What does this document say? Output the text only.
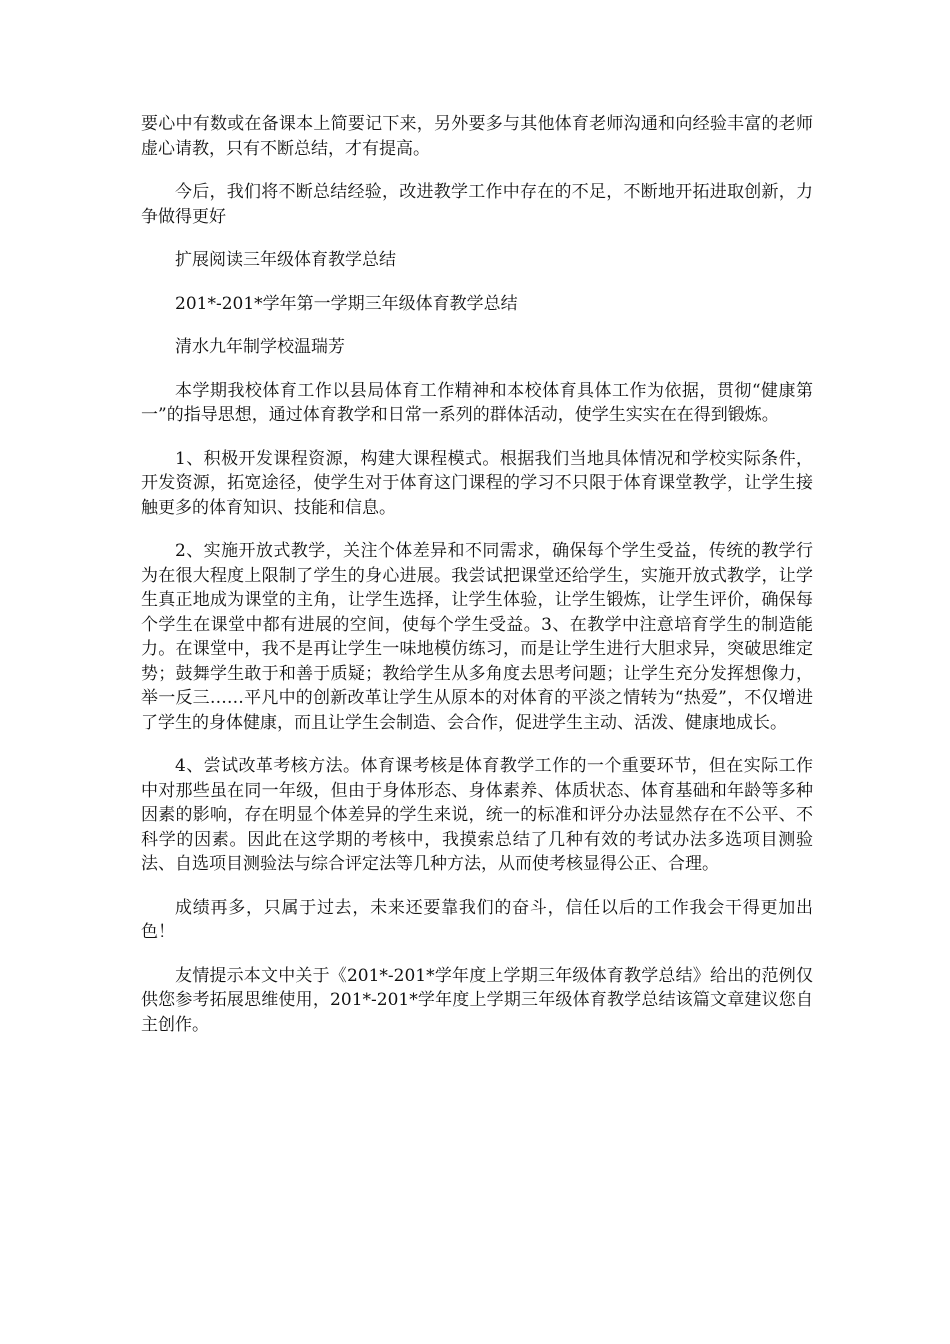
要心中有数或在备课本上简要记下来，另外要多与其他体育老师沟通和向经验丰富的老师虚心请教，只有不断总结，才有提高。

今后，我们将不断总结经验，改进教学工作中存在的不足，不断地开拓进取创新，力争做得更好

扩展阅读三年级体育教学总结

201*-201*学年第一学期三年级体育教学总结

清水九年制学校温瑞芳

本学期我校体育工作以县局体育工作精神和本校体育具体工作为依据，贯彻“健康第一”的指导思想，通过体育教学和日常一系列的群体活动，使学生实实在在得到锻炼。

1、积极开发课程资源，构建大课程模式。根据我们当地具体情况和学校实际条件，开发资源，拓宽途径，使学生对于体育这门课程的学习不只限于体育课堂教学，让学生接触更多的体育知识、技能和信息。

2、实施开放式教学，关注个体差异和不同需求，确保每个学生受益，传统的教学行为在很大程度上限制了学生的身心进展。我尝试把课堂还给学生，实施开放式教学，让学生真正地成为课堂的主角，让学生选择，让学生体验，让学生锻炼，让学生评价，确保每个学生在课堂中都有进展的空间，使每个学生受益。3、在教学中注意培育学生的制造能力。在课堂中，我不是再让学生一味地模仿练习，而是让学生进行大胆求异，突破思维定势；鼓舞学生敢于和善于质疑；教给学生从多角度去思考问题；让学生充分发挥想像力，举一反三……平凡中的创新改革让学生从原本的对体育的平淡之情转为“热爱”，不仅增进了学生的身体健康，而且让学生会制造、会合作，促进学生主动、活泼、健康地成长。

4、尝试改革考核方法。体育课考核是体育教学工作的一个重要环节，但在实际工作中对那些虽在同一年级，但由于身体形态、身体素养、体质状态、体育基础和年龄等多种因素的影响，存在明显个体差异的学生来说，统一的标准和评分办法显然存在不公平、不科学的因素。因此在这学期的考核中，我摸索总结了几种有效的考试办法多选项目测验法、自选项目测验法与综合评定法等几种方法，从而使考核显得公正、合理。

成绩再多，只属于过去，未来还要靠我们的奋斗，信任以后的工作我会干得更加出色！

友情提示本文中关于《201*-201*学年度上学期三年级体育教学总结》给出的范例仅供您参考拓展思维使用，201*-201*学年度上学期三年级体育教学总结该篇文章建议您自主创作。
